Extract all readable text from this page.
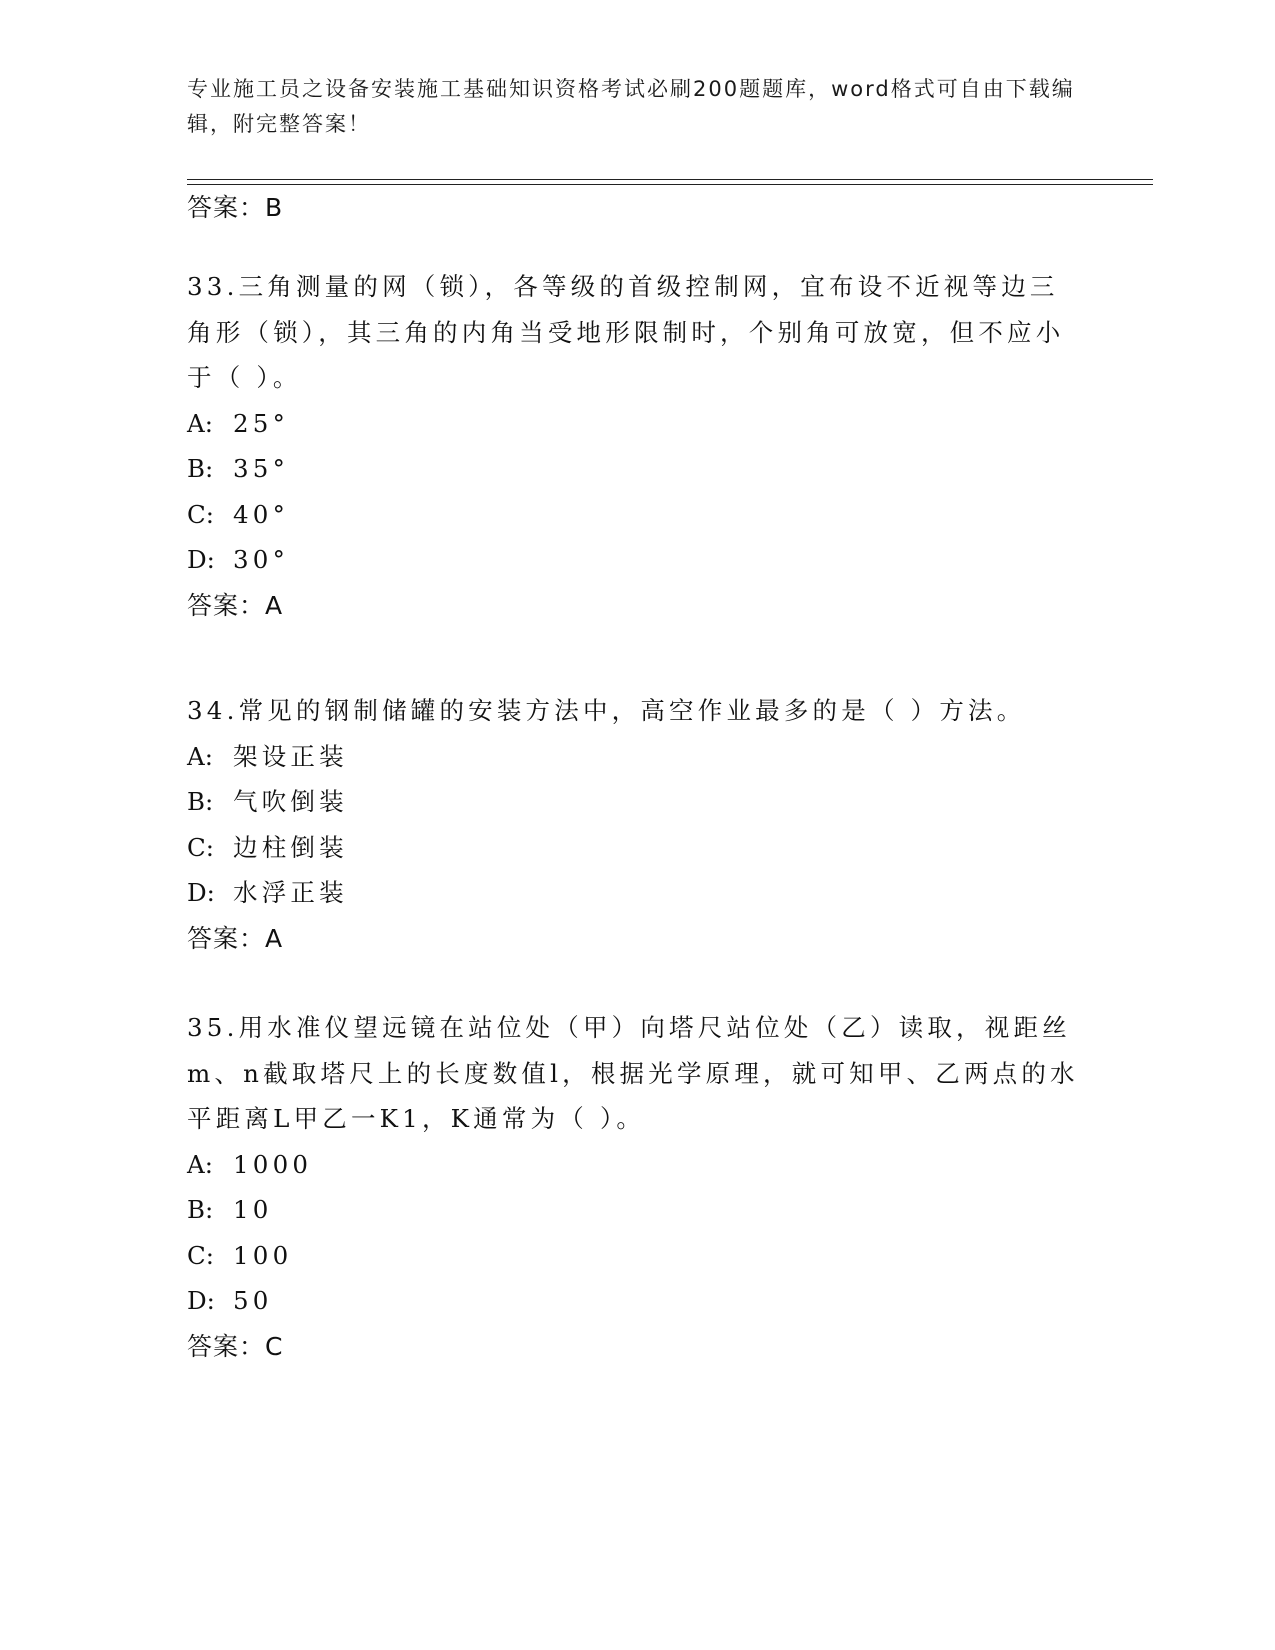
专业施工员之设备安装施工基础知识资格考试必刷200题题库，word格式可自由下载编辑，附完整答案！
答案：B

33.三角测量的网（锁），各等级的首级控制网，宜布设不近视等边三角形（锁），其三角的内角当受地形限制时，个别角可放宽，但不应小于（ ）。

A: 25°

B: 35°

C: 40°

D: 30°

答案：A

34.常见的钢制储罐的安装方法中，高空作业最多的是（ ）方法。

A: 架设正装

B: 气吹倒装

C: 边柱倒装

D: 水浮正装

答案：A

35.用水准仪望远镜在站位处（甲）向塔尺站位处（乙）读取，视距丝m、n截取塔尺上的长度数值l，根据光学原理，就可知甲、乙两点的水平距离L甲乙一K1，K通常为（ ）。

A: 1000

B: 10

C: 100

D: 50

答案：C
